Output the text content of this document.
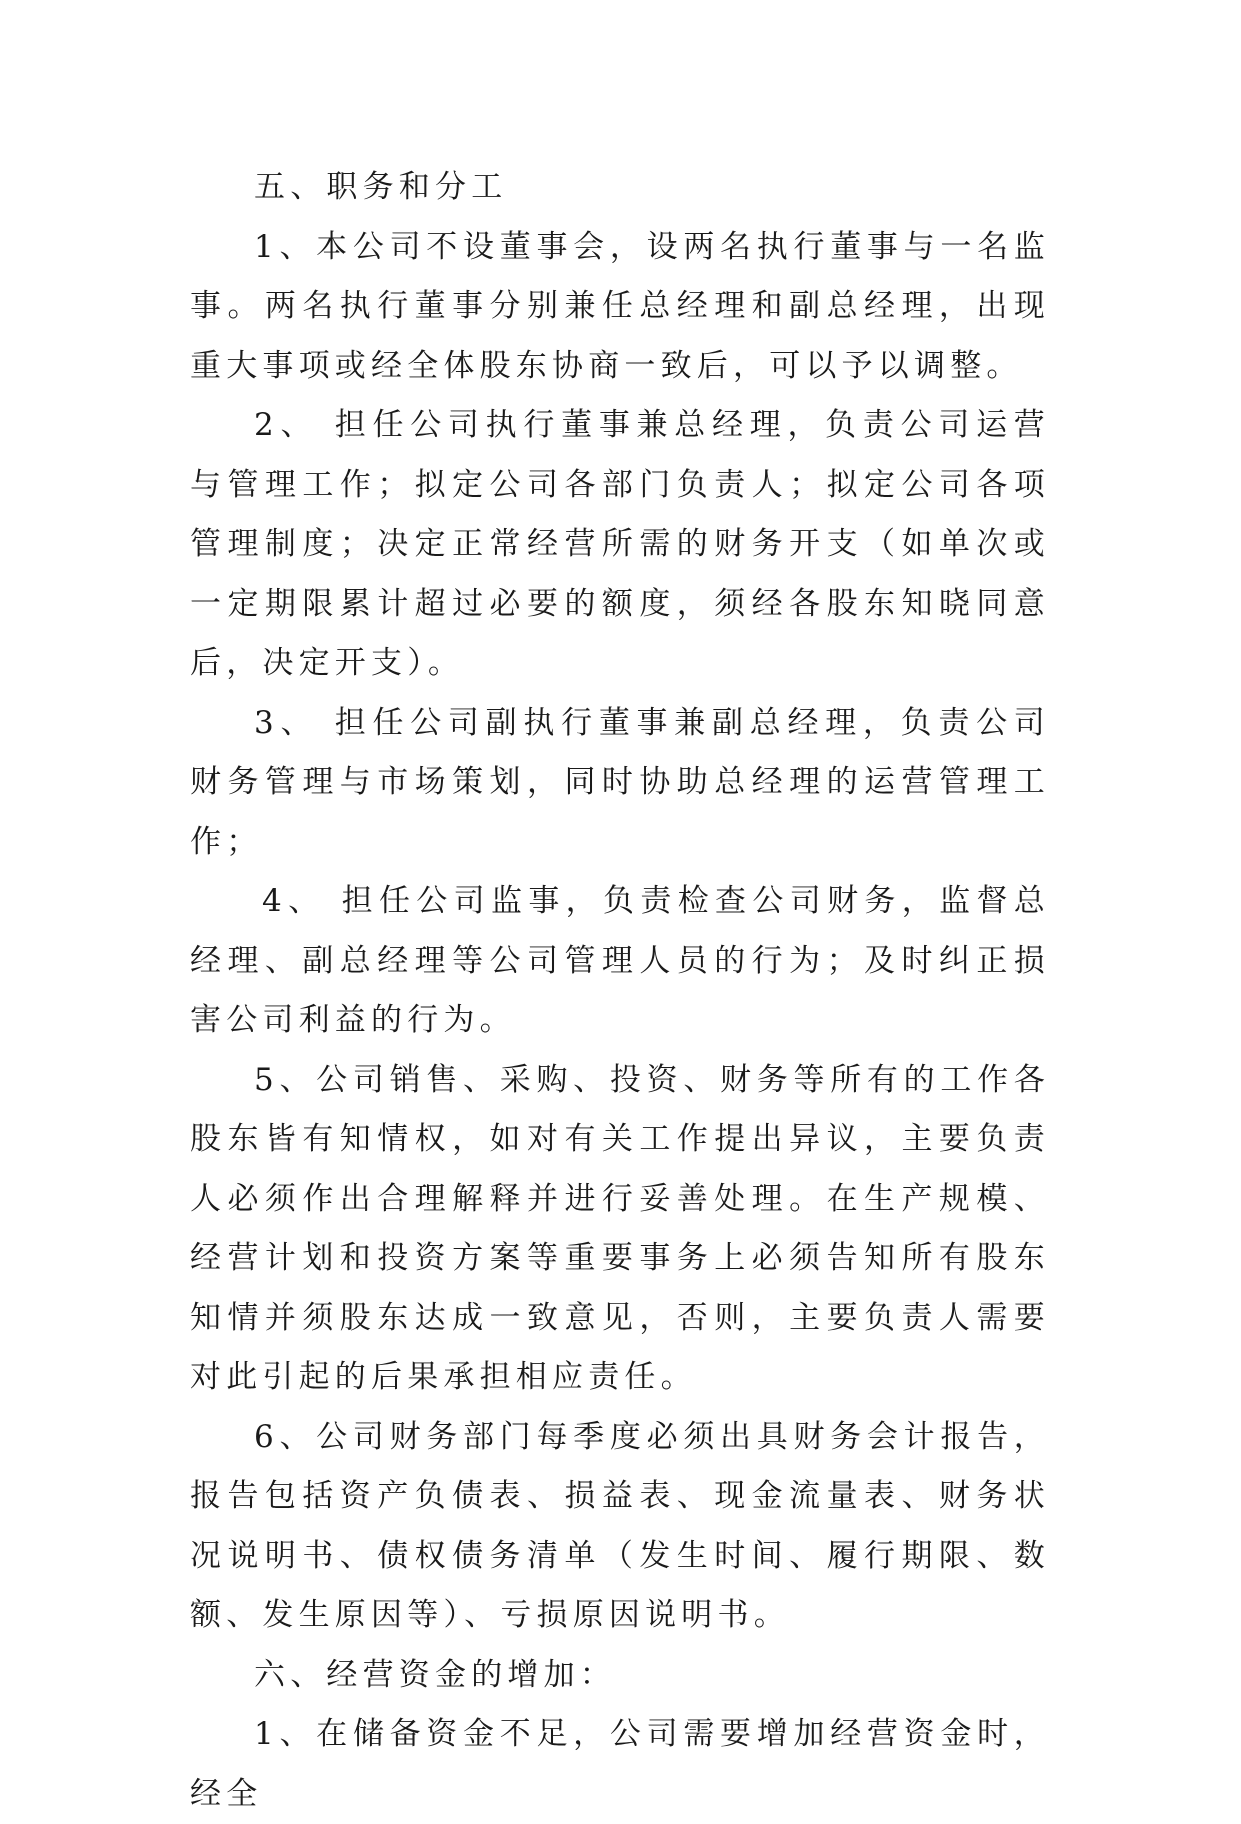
五、职务和分工

1、本公司不设董事会，设两名执行董事与一名监事。两名执行董事分别兼任总经理和副总经理，出现重大事项或经全体股东协商一致后，可以予以调整。

2、 担任公司执行董事兼总经理，负责公司运营与管理工作；拟定公司各部门负责人；拟定公司各项管理制度；决定正常经营所需的财务开支（如单次或一定期限累计超过必要的额度，须经各股东知晓同意后，决定开支）。

3、 担任公司副执行董事兼副总经理，负责公司财务管理与市场策划，同时协助总经理的运营管理工作；

4、 担任公司监事，负责检查公司财务，监督总经理、副总经理等公司管理人员的行为；及时纠正损害公司利益的行为。

5、公司销售、采购、投资、财务等所有的工作各股东皆有知情权，如对有关工作提出异议，主要负责人必须作出合理解释并进行妥善处理。在生产规模、经营计划和投资方案等重要事务上必须告知所有股东知情并须股东达成一致意见，否则，主要负责人需要对此引起的后果承担相应责任。

6、公司财务部门每季度必须出具财务会计报告，报告包括资产负债表、损益表、现金流量表、财务状况说明书、债权债务清单（发生时间、履行期限、数额、发生原因等）、亏损原因说明书。

六、经营资金的增加：

1、在储备资金不足，公司需要增加经营资金时，经全
